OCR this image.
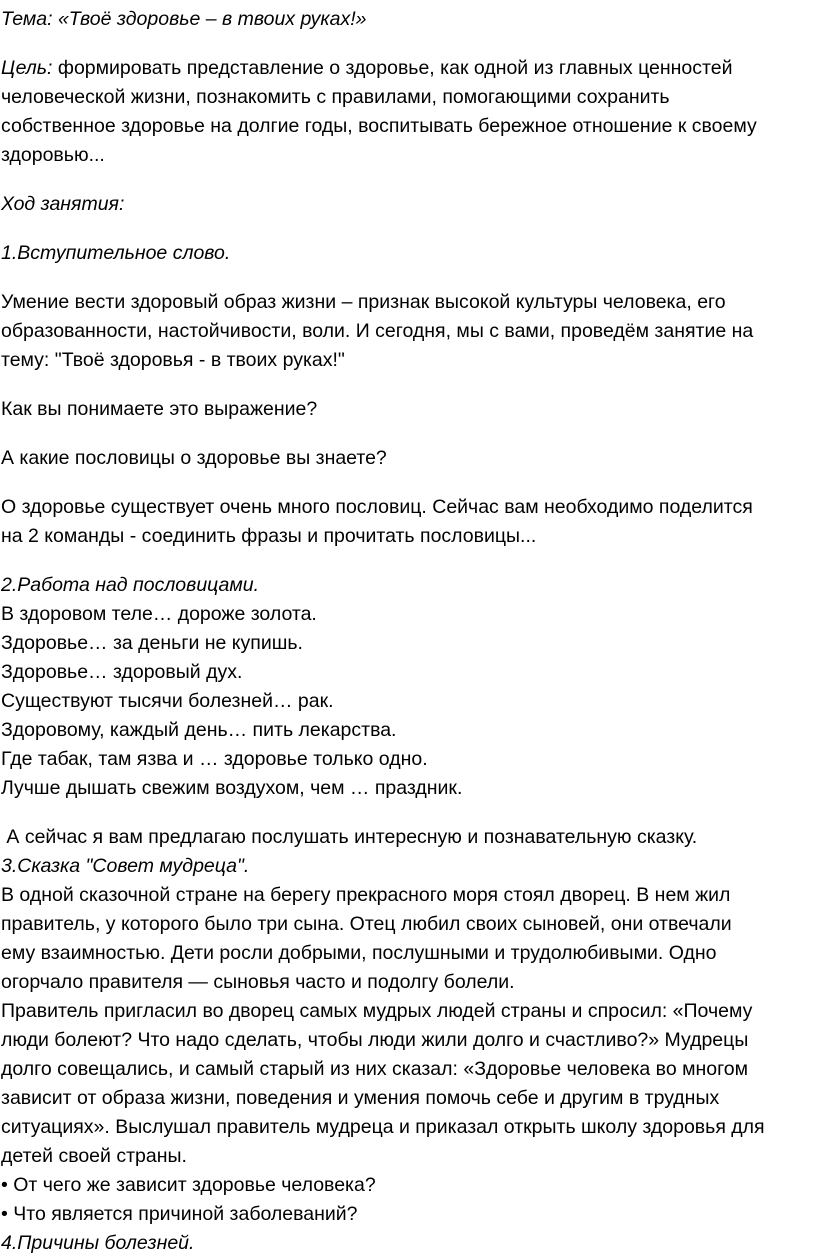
Тема: «Твоё здоровье – в твоих руках!»

Цель: формировать представление о здоровье, как одной из главных ценностей

человеческой жизни, познакомить с правилами, помогающими сохранить

собственное здоровье на долгие годы, воспитывать бережное отношение к своему

здоровью...

Ход занятия:

1.Вступительное слово.

Умение вести здоровый образ жизни – признак высокой культуры человека, его

образованности, настойчивости, воли. И сегодня, мы с вами, проведём занятие на

тему: "Твоё здоровья - в твоих руках!"

Как вы понимаете это выражение?

А какие пословицы о здоровье вы знаете?

О здоровье существует очень много пословиц. Сейчас вам необходимо поделится

на 2 команды - соединить фразы и прочитать пословицы...

2.Работа над пословицами.

В здоровом теле… дороже золота.

Здоровье… за деньги не купишь.

Здоровье… здоровый дух.

Существуют тысячи болезней… рак.

Здоровому, каждый день… пить лекарства.

Где табак, там язва и … здоровье только одно.

Лучше дышать свежим воздухом, чем … праздник.

А сейчас я вам предлагаю послушать интересную и познавательную сказку.

3.Сказка "Совет мудреца".

В одной сказочной стране на берегу прекрасного моря стоял дворец. В нем жил

правитель, у которого было три сына. Отец любил своих сыновей, они отвечали

ему взаимностью. Дети росли добрыми, послушными и трудолюбивыми. Одно

огорчало правителя — сыновья часто и подолгу болели.

Правитель пригласил во дворец самых мудрых людей страны и спросил: «Почему

люди болеют? Что надо сделать, чтобы люди жили долго и счастливо?» Мудрецы

долго совещались, и самый старый из них сказал: «Здоровье человека во многом

зависит от образа жизни, поведения и умения помочь себе и другим в трудных

ситуациях». Выслушал правитель мудреца и приказал открыть школу здоровья для

детей своей страны.

• От чего же зависит здоровье человека?

• Что является причиной заболеваний?

4.Причины болезней.
